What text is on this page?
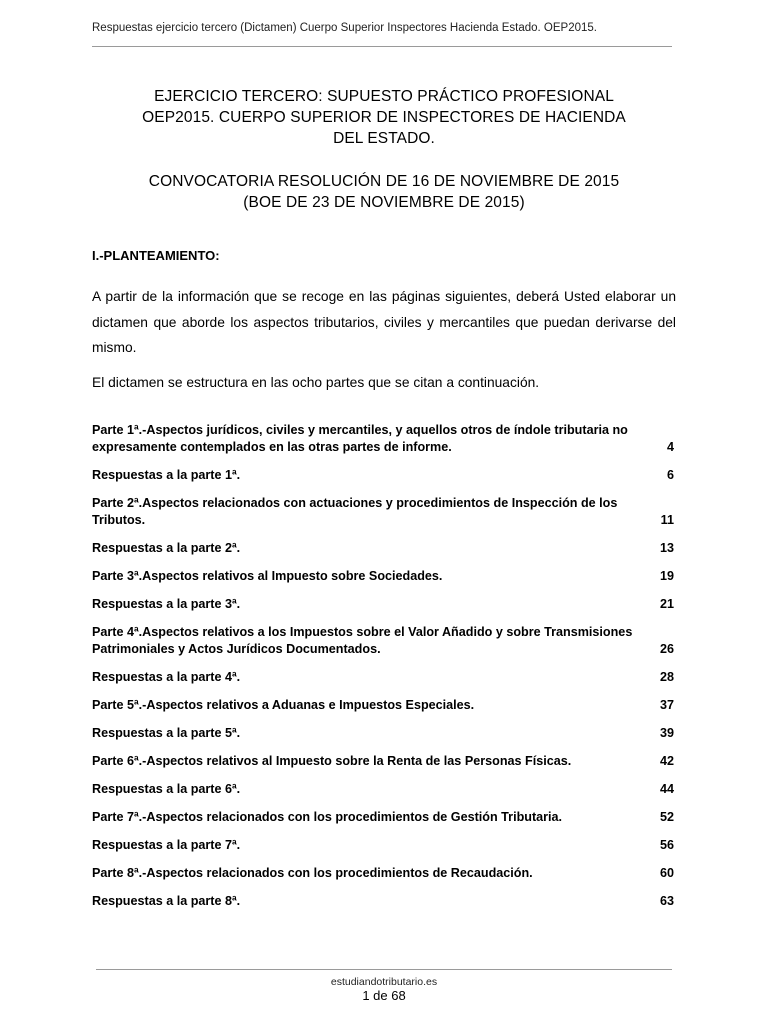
Respuestas ejercicio tercero (Dictamen) Cuerpo Superior Inspectores Hacienda Estado. OEP2015.
EJERCICIO TERCERO: SUPUESTO PRÁCTICO PROFESIONAL
OEP2015. CUERPO SUPERIOR DE INSPECTORES DE HACIENDA
DEL ESTADO.
CONVOCATORIA RESOLUCIÓN DE 16 DE NOVIEMBRE DE 2015
(BOE DE 23 DE NOVIEMBRE DE 2015)
I.-PLANTEAMIENTO:
A partir de la información que se recoge en las páginas siguientes, deberá Usted elaborar un dictamen que aborde los aspectos tributarios, civiles y mercantiles que puedan derivarse del mismo.
El dictamen se estructura en las ocho partes que se citan a continuación.
Parte 1ª.-Aspectos jurídicos, civiles y mercantiles, y aquellos otros de índole tributaria no expresamente contemplados en las otras partes de informe.	4
Respuestas a la parte 1ª.	6
Parte 2ª.Aspectos relacionados con actuaciones y procedimientos de Inspección de los Tributos.	11
Respuestas a la parte 2ª.	13
Parte 3ª.Aspectos relativos al Impuesto sobre Sociedades.	19
Respuestas a la parte 3ª.	21
Parte 4ª.Aspectos relativos a los Impuestos sobre el Valor Añadido y sobre Transmisiones Patrimoniales y Actos Jurídicos Documentados.	26
Respuestas a la parte 4ª.	28
Parte 5ª.-Aspectos relativos a Aduanas e Impuestos Especiales.	37
Respuestas a la parte 5ª.	39
Parte 6ª.-Aspectos relativos al Impuesto sobre la Renta de las Personas Físicas.	42
Respuestas a la parte 6ª.	44
Parte 7ª.-Aspectos relacionados con los procedimientos de Gestión Tributaria.	52
Respuestas a la parte 7ª.	56
Parte 8ª.-Aspectos relacionados con los procedimientos de Recaudación.	60
Respuestas a la parte 8ª.	63
estudiandotributario.es
1 de 68
